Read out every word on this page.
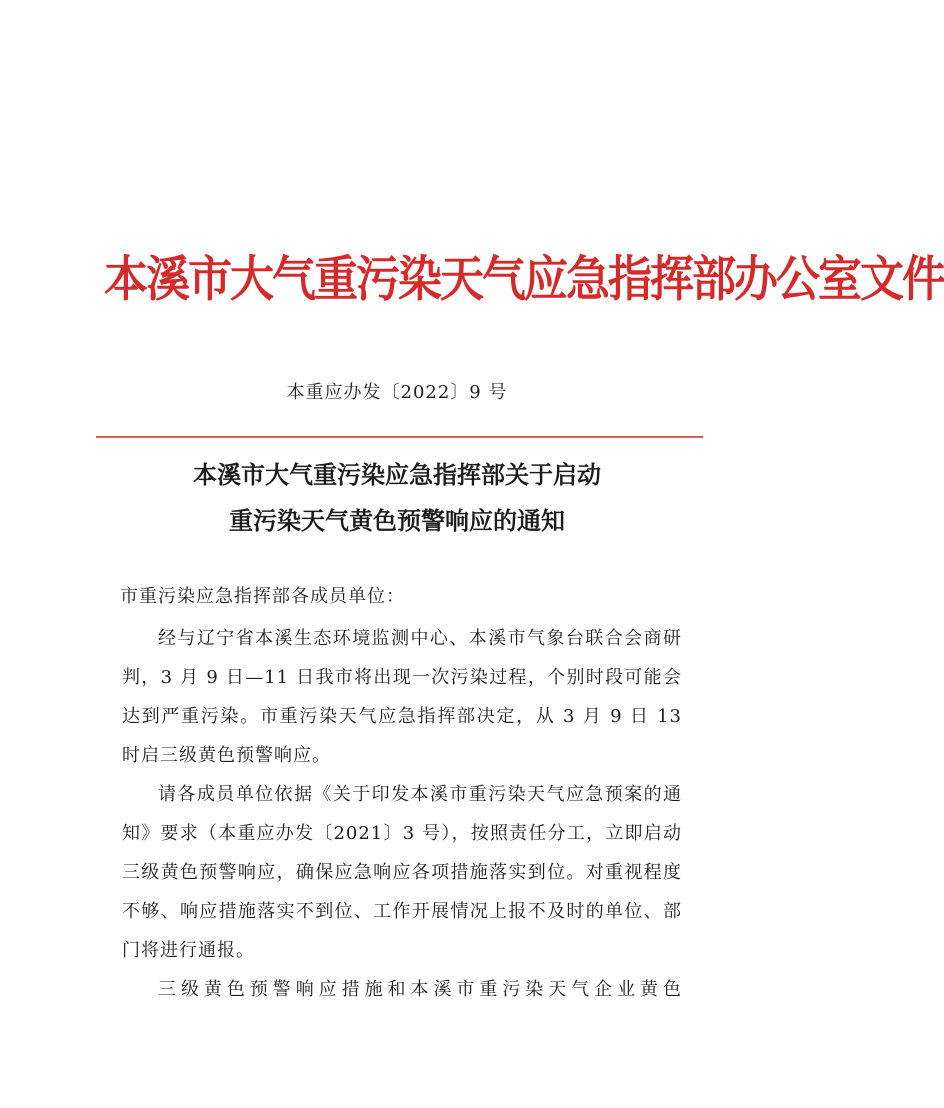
本溪市大气重污染天气应急指挥部办公室文件
本重应办发〔2022〕9 号
本溪市大气重污染应急指挥部关于启动
重污染天气黄色预警响应的通知
市重污染应急指挥部各成员单位：

经与辽宁省本溪生态环境监测中心、本溪市气象台联合会商研判，3 月 9 日—11 日我市将出现一次污染过程，个别时段可能会达到严重污染。市重污染天气应急指挥部决定，从 3 月 9 日 13 时启三级黄色预警响应。

请各成员单位依据《关于印发本溪市重污染天气应急预案的通知》要求（本重应办发〔2021〕3 号），按照责任分工，立即启动三级黄色预警响应，确保应急响应各项措施落实到位。对重视程度不够、响应措施落实不到位、工作开展情况上报不及时的单位、部门将进行通报。

三级黄色预警响应措施和本溪市重污染天气企业黄色
